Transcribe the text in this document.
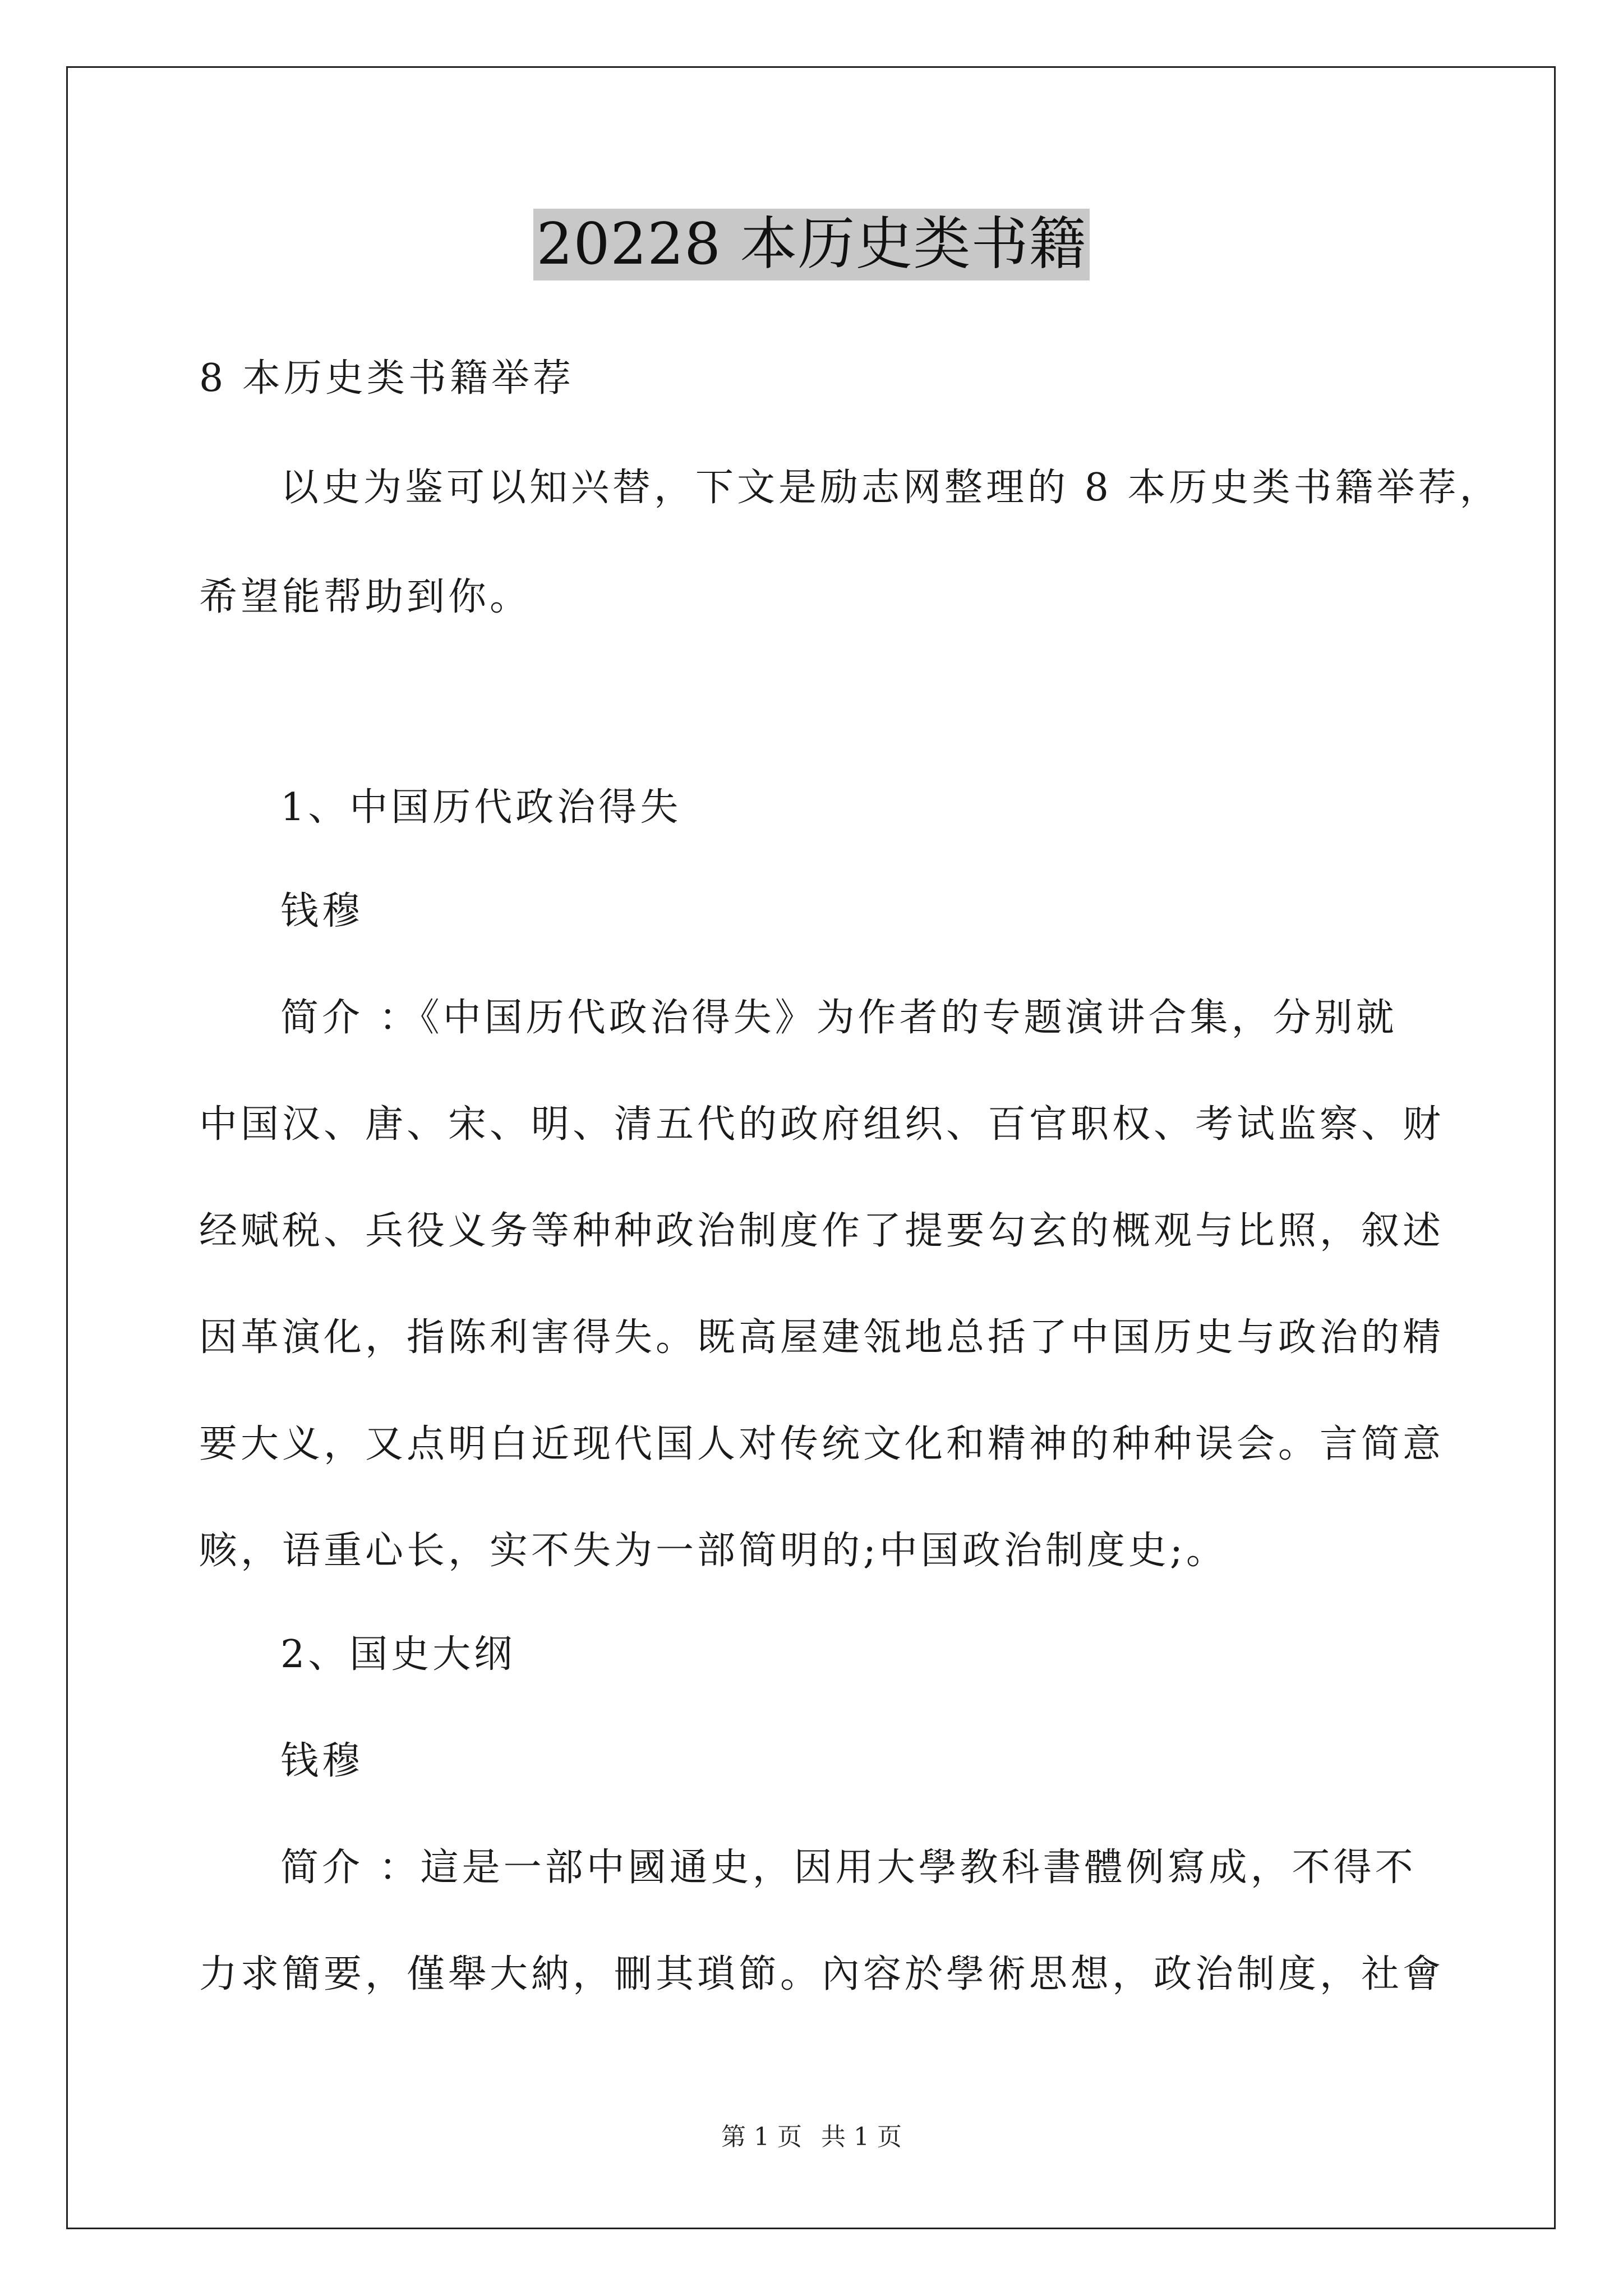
20228 本历史类书籍
8 本历史类书籍举荐
以史为鉴可以知兴替，下文是励志网整理的 8 本历史类书籍举荐，
希望能帮助到你。
1、中国历代政治得失
钱穆
简介 ：《中国历代政治得失》为作者的专题演讲合集，分别就
中国汉、唐、宋、明、清五代的政府组织、百官职权、考试监察、财
经赋税、兵役义务等种种政治制度作了提要勾玄的概观与比照，叙述
因革演化，指陈利害得失。既高屋建瓴地总括了中国历史与政治的精
要大义，又点明白近现代国人对传统文化和精神的种种误会。言简意
赅，语重心长，实不失为一部简明的;中国政治制度史;。
2、国史大纲
钱穆
简介 ：這是一部中國通史，因用大學教科書體例寫成，不得不
力求簡要，僅舉大納，刪其瑣節。內容於學術思想，政治制度，社會
第 1 页 共 1 页
